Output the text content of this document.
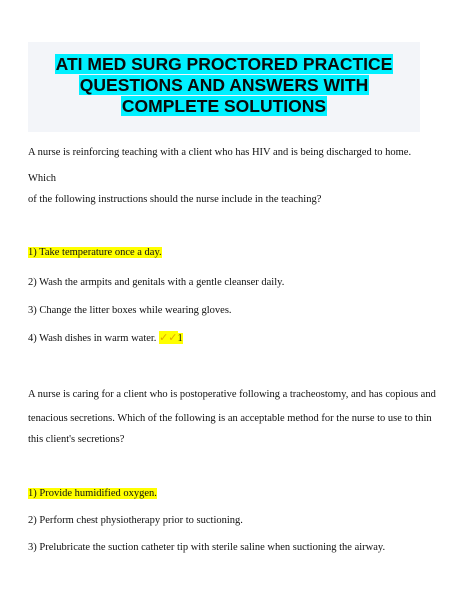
ATI MED SURG PROCTORED PRACTICE
QUESTIONS AND ANSWERS WITH
COMPLETE SOLUTIONS
A nurse is reinforcing teaching with a client who has HIV and is being discharged to home.
Which
of the following instructions should the nurse include in the teaching?
1) Take temperature once a day.
2) Wash the armpits and genitals with a gentle cleanser daily.
3) Change the litter boxes while wearing gloves.
4) Wash dishes in warm water. ✓✓1
A nurse is caring for a client who is postoperative following a tracheostomy, and has copious and
tenacious secretions. Which of the following is an acceptable method for the nurse to use to thin
this client's secretions?
1) Provide humidified oxygen.
2) Perform chest physiotherapy prior to suctioning.
3) Prelubricate the suction catheter tip with sterile saline when suctioning the airway.
